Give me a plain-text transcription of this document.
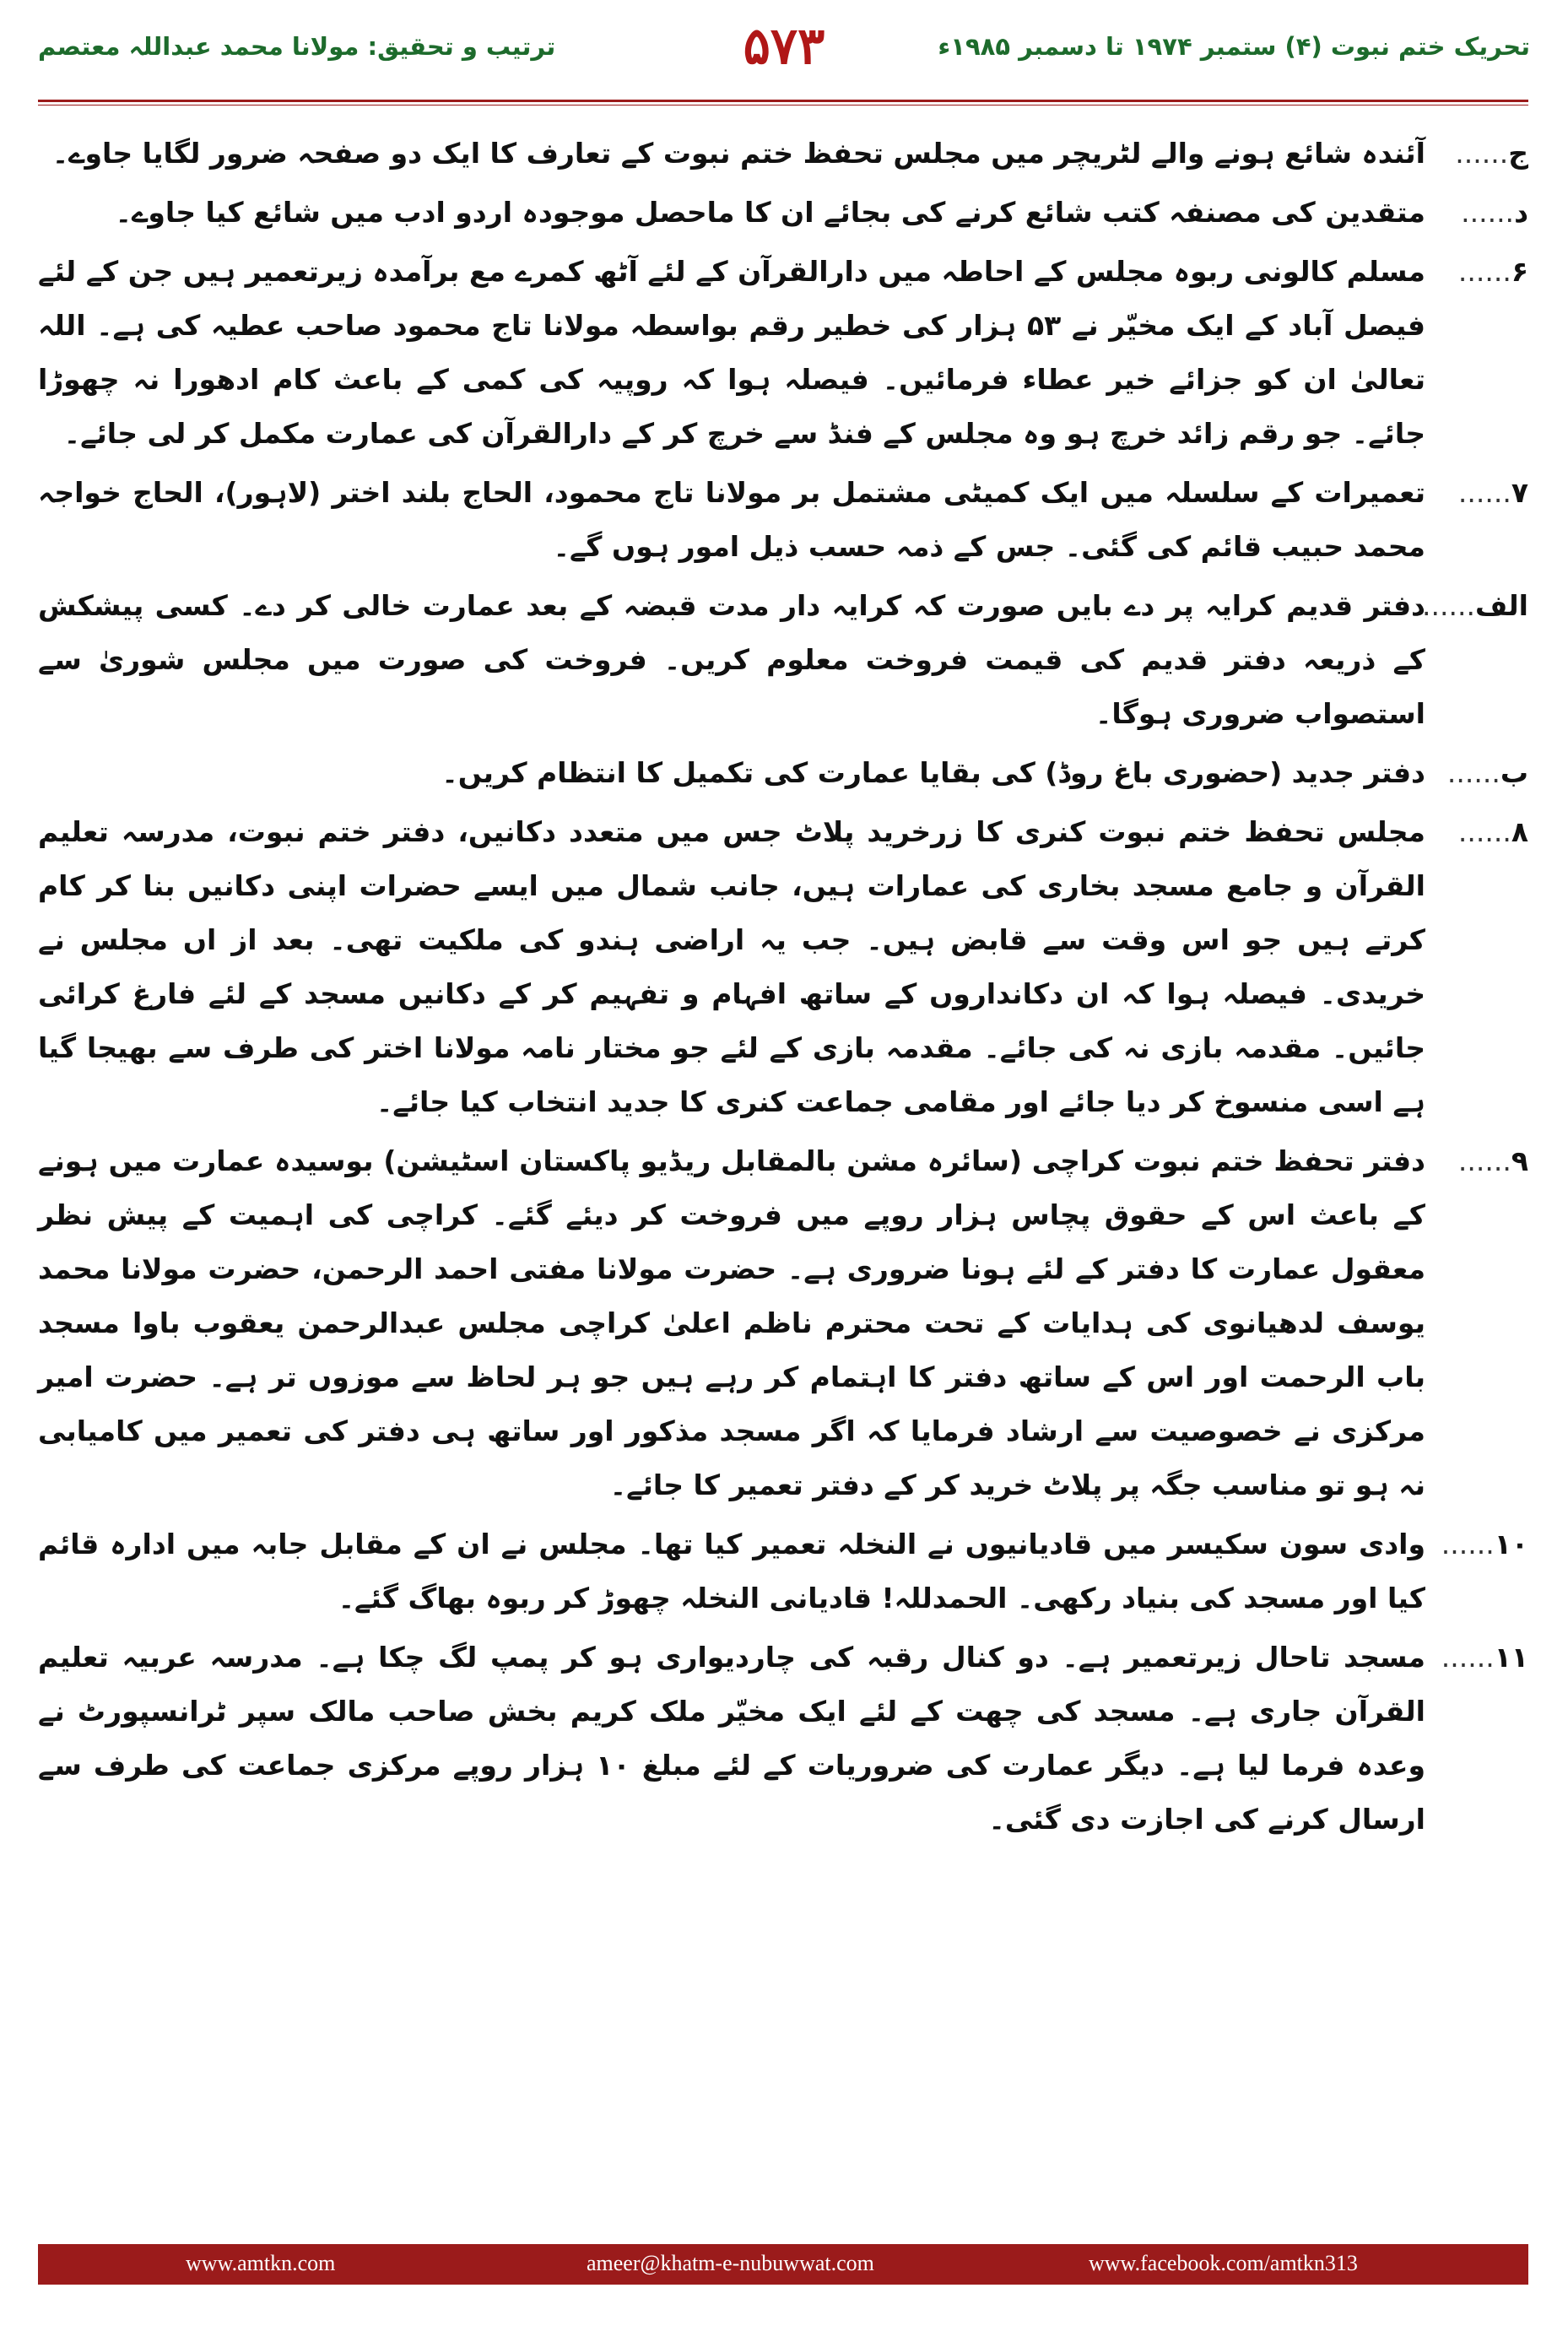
تحریک ختم نبوت (۴) ستمبر ۱۹۷۴ تا دسمبر ۱۹۸۵ء
۵۷۳
ترتیب و تحقیق: مولانا محمد عبداللہ معتصم
ج......
آئندہ شائع ہونے والے لٹریچر میں مجلس تحفظ ختم نبوت کے تعارف کا ایک دو صفحہ ضرور لگایا جاوے۔
د......
متقدین کی مصنفہ کتب شائع کرنے کی بجائے ان کا ماحصل موجودہ اردو ادب میں شائع کیا جاوے۔
۶......
مسلم کالونی ربوہ مجلس کے احاطہ میں دارالقرآن کے لئے آٹھ کمرے مع برآمدہ زیرتعمیر ہیں جن کے لئے فیصل آباد کے ایک مخیّر نے ۵۳ ہزار کی خطیر رقم بواسطہ مولانا تاج محمود صاحب عطیہ کی ہے۔ اللہ تعالیٰ ان کو جزائے خیر عطاء فرمائیں۔ فیصلہ ہوا کہ روپیہ کی کمی کے باعث کام ادھورا نہ چھوڑا جائے۔ جو رقم زائد خرچ ہو وہ مجلس کے فنڈ سے خرچ کر کے دارالقرآن کی عمارت مکمل کر لی جائے۔
۷......
تعمیرات کے سلسلہ میں ایک کمیٹی مشتمل بر مولانا تاج محمود، الحاج بلند اختر (لاہور)، الحاج خواجہ محمد حبیب قائم کی گئی۔ جس کے ذمہ حسب ذیل امور ہوں گے۔
الف......
دفتر قدیم کرایہ پر دے بایں صورت کہ کرایہ دار مدت قبضہ کے بعد عمارت خالی کر دے۔ کسی پیشکش کے ذریعہ دفتر قدیم کی قیمت فروخت معلوم کریں۔ فروخت کی صورت میں مجلس شوریٰ سے استصواب ضروری ہوگا۔
ب......
دفتر جدید (حضوری باغ روڈ) کی بقایا عمارت کی تکمیل کا انتظام کریں۔
۸......
مجلس تحفظ ختم نبوت کنری کا زرخرید پلاٹ جس میں متعدد دکانیں، دفتر ختم نبوت، مدرسہ تعلیم القرآن و جامع مسجد بخاری کی عمارات ہیں، جانب شمال میں ایسے حضرات اپنی دکانیں بنا کر کام کرتے ہیں جو اس وقت سے قابض ہیں۔ جب یہ اراضی ہندو کی ملکیت تھی۔ بعد از اں مجلس نے خریدی۔ فیصلہ ہوا کہ ان دکانداروں کے ساتھ افہام و تفہیم کر کے دکانیں مسجد کے لئے فارغ کرائی جائیں۔ مقدمہ بازی نہ کی جائے۔ مقدمہ بازی کے لئے جو مختار نامہ مولانا اختر کی طرف سے بھیجا گیا ہے اسی منسوخ کر دیا جائے اور مقامی جماعت کنری کا جدید انتخاب کیا جائے۔
۹......
دفتر تحفظ ختم نبوت کراچی (سائرہ مشن بالمقابل ریڈیو پاکستان اسٹیشن) بوسیدہ عمارت میں ہونے کے باعث اس کے حقوق پچاس ہزار روپے میں فروخت کر دیئے گئے۔ کراچی کی اہمیت کے پیش نظر معقول عمارت کا دفتر کے لئے ہونا ضروری ہے۔ حضرت مولانا مفتی احمد الرحمن، حضرت مولانا محمد یوسف لدھیانوی کی ہدایات کے تحت محترم ناظم اعلیٰ کراچی مجلس عبدالرحمن یعقوب باوا مسجد باب الرحمت اور اس کے ساتھ دفتر کا اہتمام کر رہے ہیں جو ہر لحاظ سے موزوں تر ہے۔ حضرت امیر مرکزی نے خصوصیت سے ارشاد فرمایا کہ اگر مسجد مذکور اور ساتھ ہی دفتر کی تعمیر میں کامیابی نہ ہو تو مناسب جگہ پر پلاٹ خرید کر کے دفتر تعمیر کا جائے۔
۱۰......
وادی سون سکیسر میں قادیانیوں نے النخلہ تعمیر کیا تھا۔ مجلس نے ان کے مقابل جابہ میں ادارہ قائم کیا اور مسجد کی بنیاد رکھی۔ الحمدللہ! قادیانی النخلہ چھوڑ کر ربوہ بھاگ گئے۔
۱۱......
مسجد تاحال زیرتعمیر ہے۔ دو کنال رقبہ کی چاردیواری ہو کر پمپ لگ چکا ہے۔ مدرسہ عربیہ تعلیم القرآن جاری ہے۔ مسجد کی چھت کے لئے ایک مخیّر ملک کریم بخش صاحب مالک سپر ٹرانسپورٹ نے وعدہ فرما لیا ہے۔ دیگر عمارت کی ضروریات کے لئے مبلغ ۱۰ ہزار روپے مرکزی جماعت کی طرف سے ارسال کرنے کی اجازت دی گئی۔
www.amtkn.com	ameer@khatm-e-nubuwwat.com	www.facebook.com/amtkn313
